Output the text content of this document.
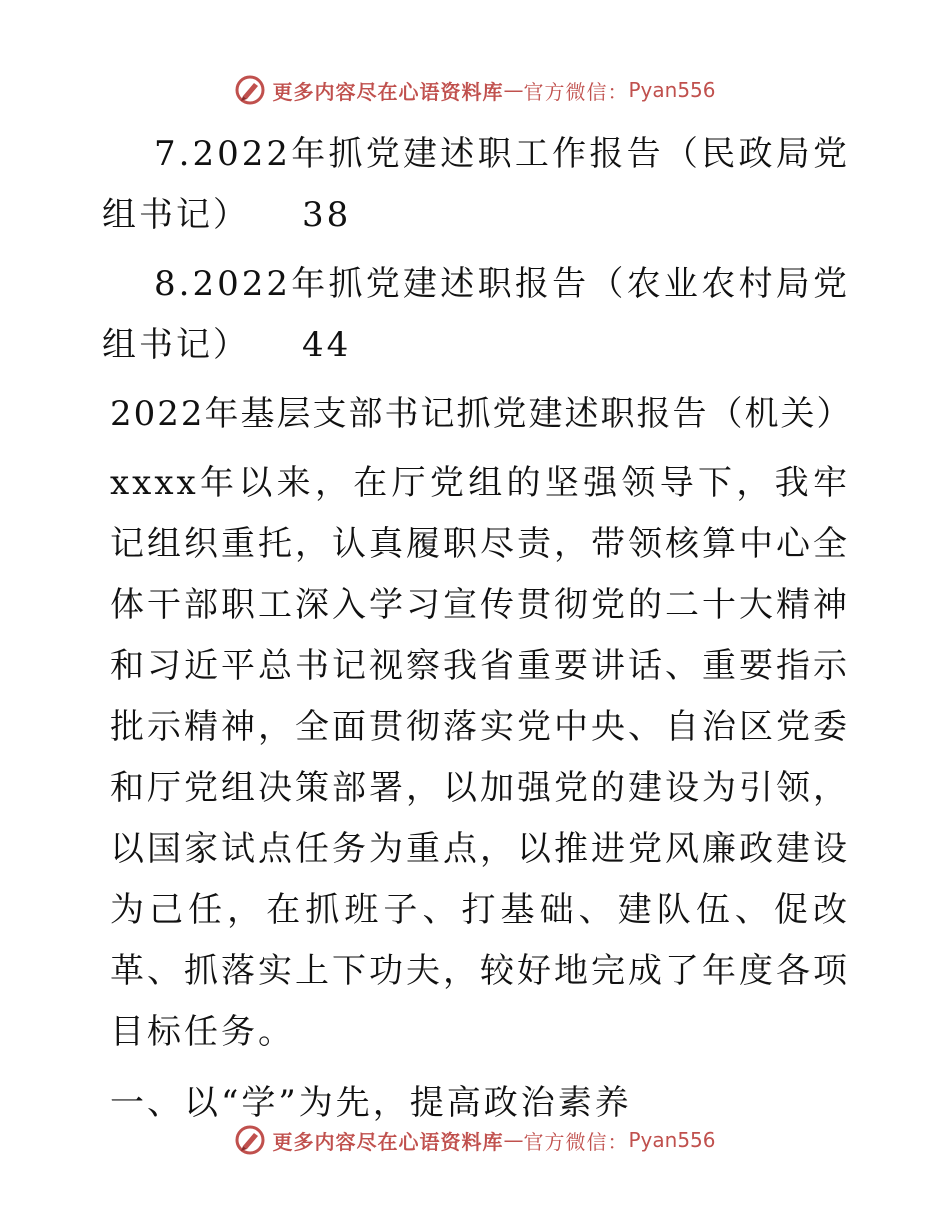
更多内容尽在心语资料库 — 官方微信： Pyan556

7.2022年抓党建述职工作报告（民政局党组书记） 38

8.2022年抓党建述职报告（农业农村局党组书记） 44

2022年基层支部书记抓党建述职报告（机关）

xxxx年以来，在厅党组的坚强领导下，我牢记组织重托，认真履职尽责，带领核算中心全体干部职工深入学习宣传贯彻党的二十大精神和习近平总书记视察我省重要讲话、重要指示批示精神，全面贯彻落实党中央、自治区党委和厅党组决策部署，以加强党的建设为引领，以国家试点任务为重点，以推进党风廉政建设为己任，在抓班子、打基础、建队伍、促改革、抓落实上下功夫，较好地完成了年度各项目标任务。

一、以“学”为先，提高政治素养

更多内容尽在心语资料库 — 官方微信： Pyan556
